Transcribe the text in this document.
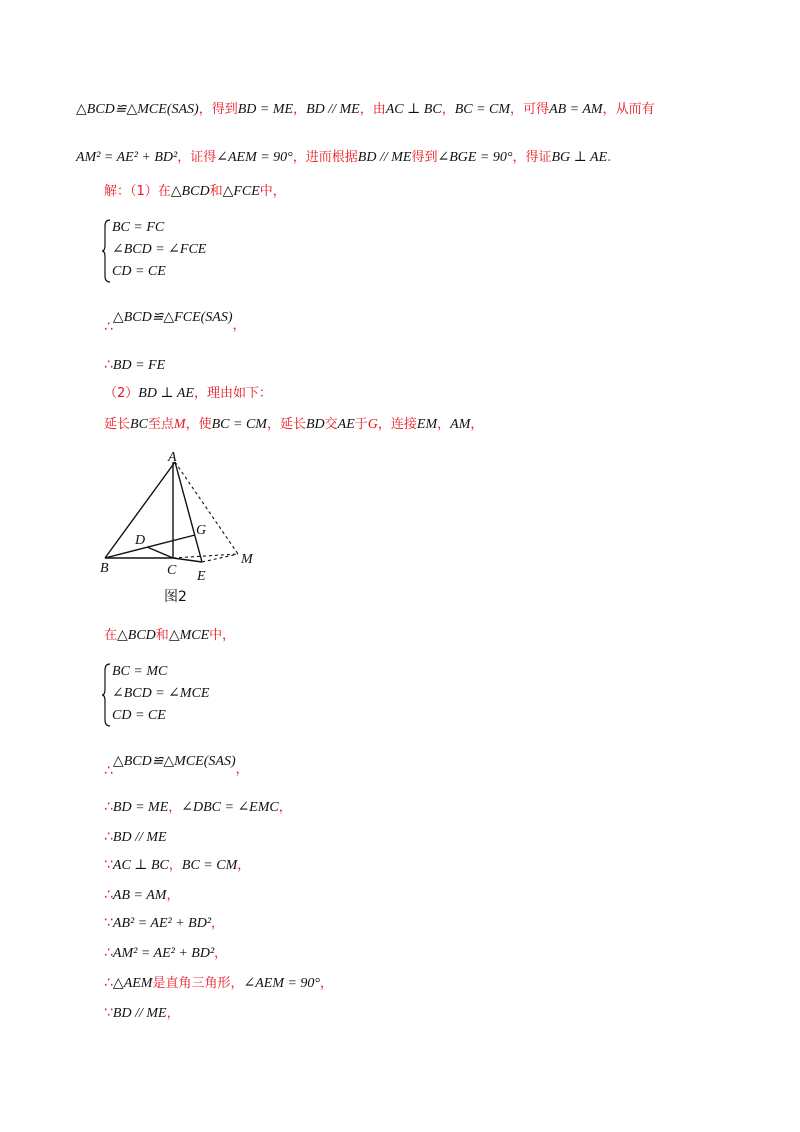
△BCD≌△MCE(SAS)，得到BD = ME，BD // ME，由AC ⊥ BC，BC = CM，可得AB = AM，从而有
AM² = AE² + BD²，证得∠AEM = 90°，进而根据BD // ME得到∠BGE = 90°，得证BG ⊥ AE.
解：（1）在△BCD和△FCE中，
BC = FC
∠BCD = ∠FCE
CD = CE
∴△BCD≌△FCE(SAS)，
∴BD = FE
（2）BD ⊥ AE，理由如下：
延长BC至点M，使BC = CM，延长BD交AE于G，连接EM，AM，
A
B	C
D
E
G
M
图2
在△BCD和△MCE中，
BC = MC
∠BCD = ∠MCE
CD = CE
∴△BCD≌△MCE(SAS)，
∴BD = ME，∠DBC = ∠EMC，
∴BD // ME
∵AC ⊥ BC，BC = CM，
∴AB = AM，
∵AB² = AE² + BD²，
∴AM² = AE² + BD²，
∴△AEM是直角三角形，∠AEM = 90°，
∵BD // ME，
